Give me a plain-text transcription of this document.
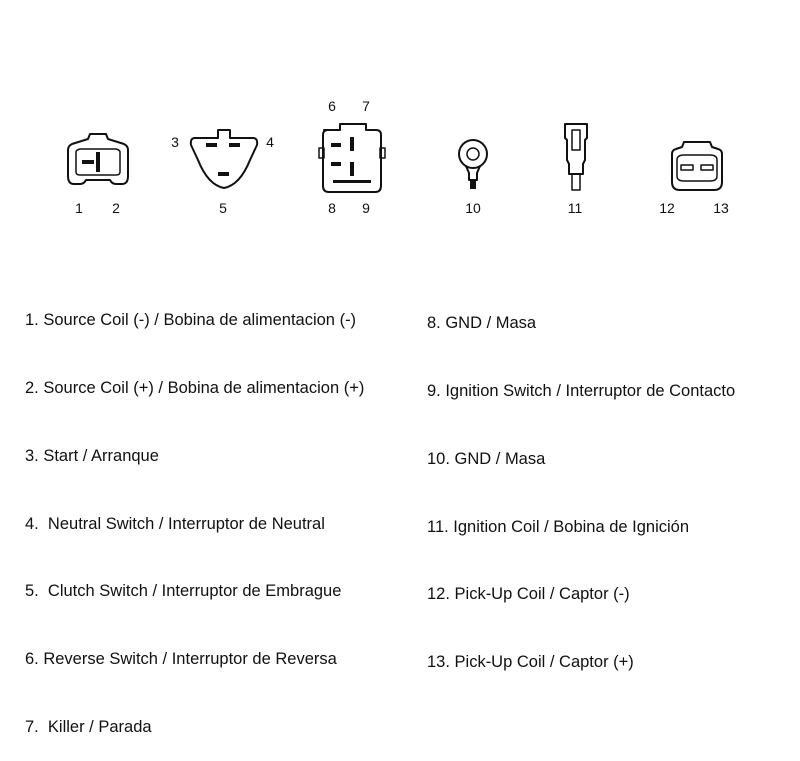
1 2
3	4
5
6 7
8 9	10	11	12	13

1. Source Coil (-) / Bobina de alimentacion (-)

2. Source Coil (+) / Bobina de alimentacion (+)

3. Start / Arranque

4.  Neutral Switch / Interruptor de Neutral

5.  Clutch Switch / Interruptor de Embrague

6. Reverse Switch / Interruptor de Reversa

7.  Killer / Parada

8. GND / Masa

9. Ignition Switch / Interruptor de Contacto

10. GND / Masa

11. Ignition Coil / Bobina de Ignición

12. Pick-Up Coil / Captor (-)

13. Pick-Up Coil / Captor (+)
